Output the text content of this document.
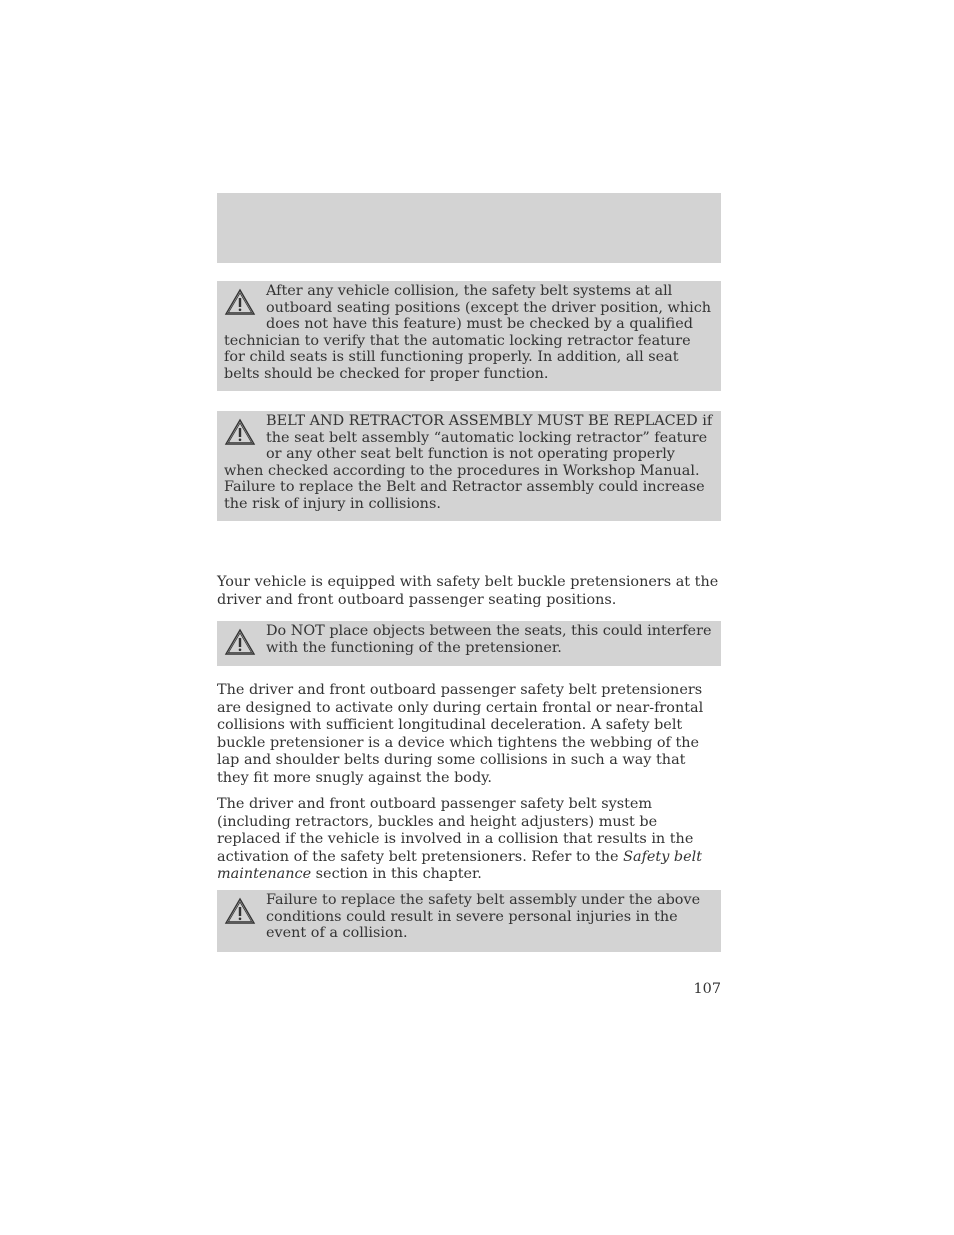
After any vehicle collision, the safety belt systems at all outboard seating positions (except the driver position, which does not have this feature) must be checked by a qualified technician to verify that the automatic locking retractor feature for child seats is still functioning properly. In addition, all seat belts should be checked for proper function.

BELT AND RETRACTOR ASSEMBLY MUST BE REPLACED if the seat belt assembly “automatic locking retractor” feature or any other seat belt function is not operating properly when checked according to the procedures in Workshop Manual. Failure to replace the Belt and Retractor assembly could increase the risk of injury in collisions.

Your vehicle is equipped with safety belt buckle pretensioners at the driver and front outboard passenger seating positions.

Do NOT place objects between the seats, this could interfere with the functioning of the pretensioner.

The driver and front outboard passenger safety belt pretensioners are designed to activate only during certain frontal or near-frontal collisions with sufficient longitudinal deceleration. A safety belt buckle pretensioner is a device which tightens the webbing of the lap and shoulder belts during some collisions in such a way that they fit more snugly against the body.

The driver and front outboard passenger safety belt system (including retractors, buckles and height adjusters) must be replaced if the vehicle is involved in a collision that results in the activation of the safety belt pretensioners. Refer to the Safety belt maintenance section in this chapter.

Failure to replace the safety belt assembly under the above conditions could result in severe personal injuries in the event of a collision.

107
